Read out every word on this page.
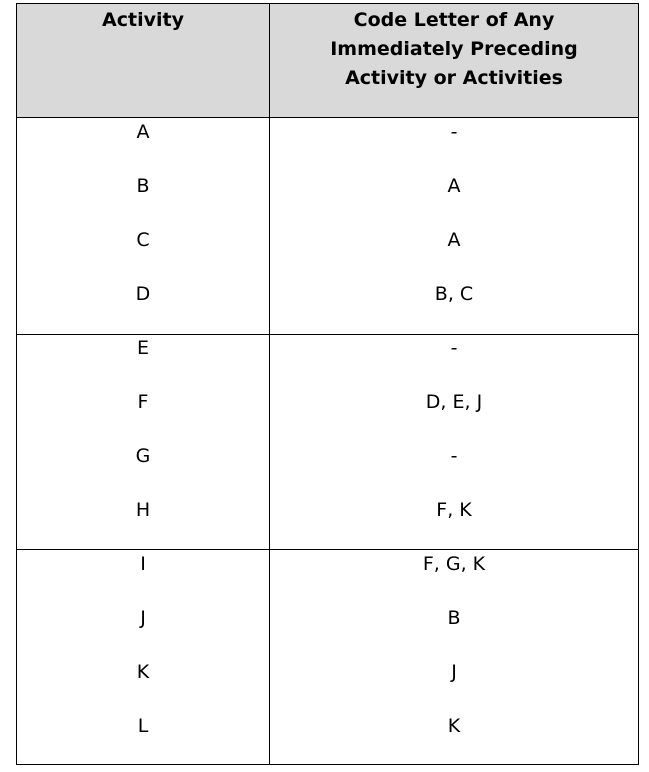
Activity	Code Letter of Any
Immediately Preceding
Activity or Activities
A	-
B	A
C	A
D	B, C
E	-
F	D, E, J
G	-
H	F, K
I	F, G, K
J	B
K	J
L	K
